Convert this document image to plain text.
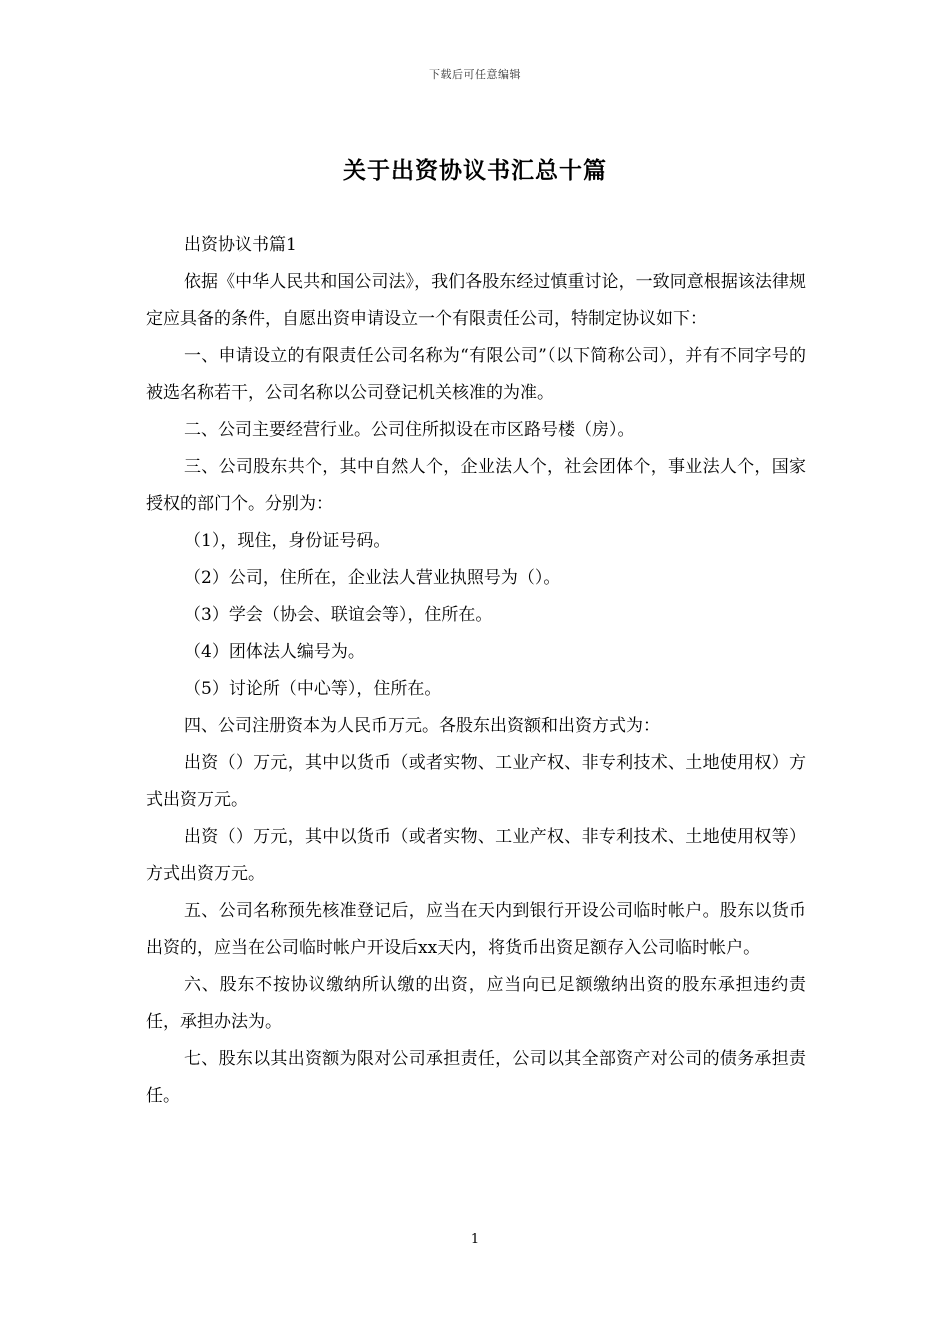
下载后可任意编辑
关于出资协议书汇总十篇

出资协议书篇1

依据《中华人民共和国公司法》，我们各股东经过慎重讨论，一致同意根据该法律规定应具备的条件，自愿出资申请设立一个有限责任公司，特制定协议如下：

一、申请设立的有限责任公司名称为“有限公司”（以下简称公司），并有不同字号的被选名称若干，公司名称以公司登记机关核准的为准。

二、公司主要经营行业。公司住所拟设在市区路号楼（房）。

三、公司股东共个，其中自然人个，企业法人个，社会团体个，事业法人个，国家授权的部门个。分别为：

（1），现住，身份证号码。

（2）公司，住所在，企业法人营业执照号为（）。

（3）学会（协会、联谊会等），住所在。

（4）团体法人编号为。

（5）讨论所（中心等），住所在。

四、公司注册资本为人民币万元。各股东出资额和出资方式为：

出资（）万元，其中以货币（或者实物、工业产权、非专利技术、土地使用权）方式出资万元。

出资（）万元，其中以货币（或者实物、工业产权、非专利技术、土地使用权等）方式出资万元。

五、公司名称预先核准登记后，应当在天内到银行开设公司临时帐户。股东以货币出资的，应当在公司临时帐户开设后xx天内，将货币出资足额存入公司临时帐户。

六、股东不按协议缴纳所认缴的出资，应当向已足额缴纳出资的股东承担违约责任，承担办法为。

七、股东以其出资额为限对公司承担责任，公司以其全部资产对公司的债务承担责任。

1
